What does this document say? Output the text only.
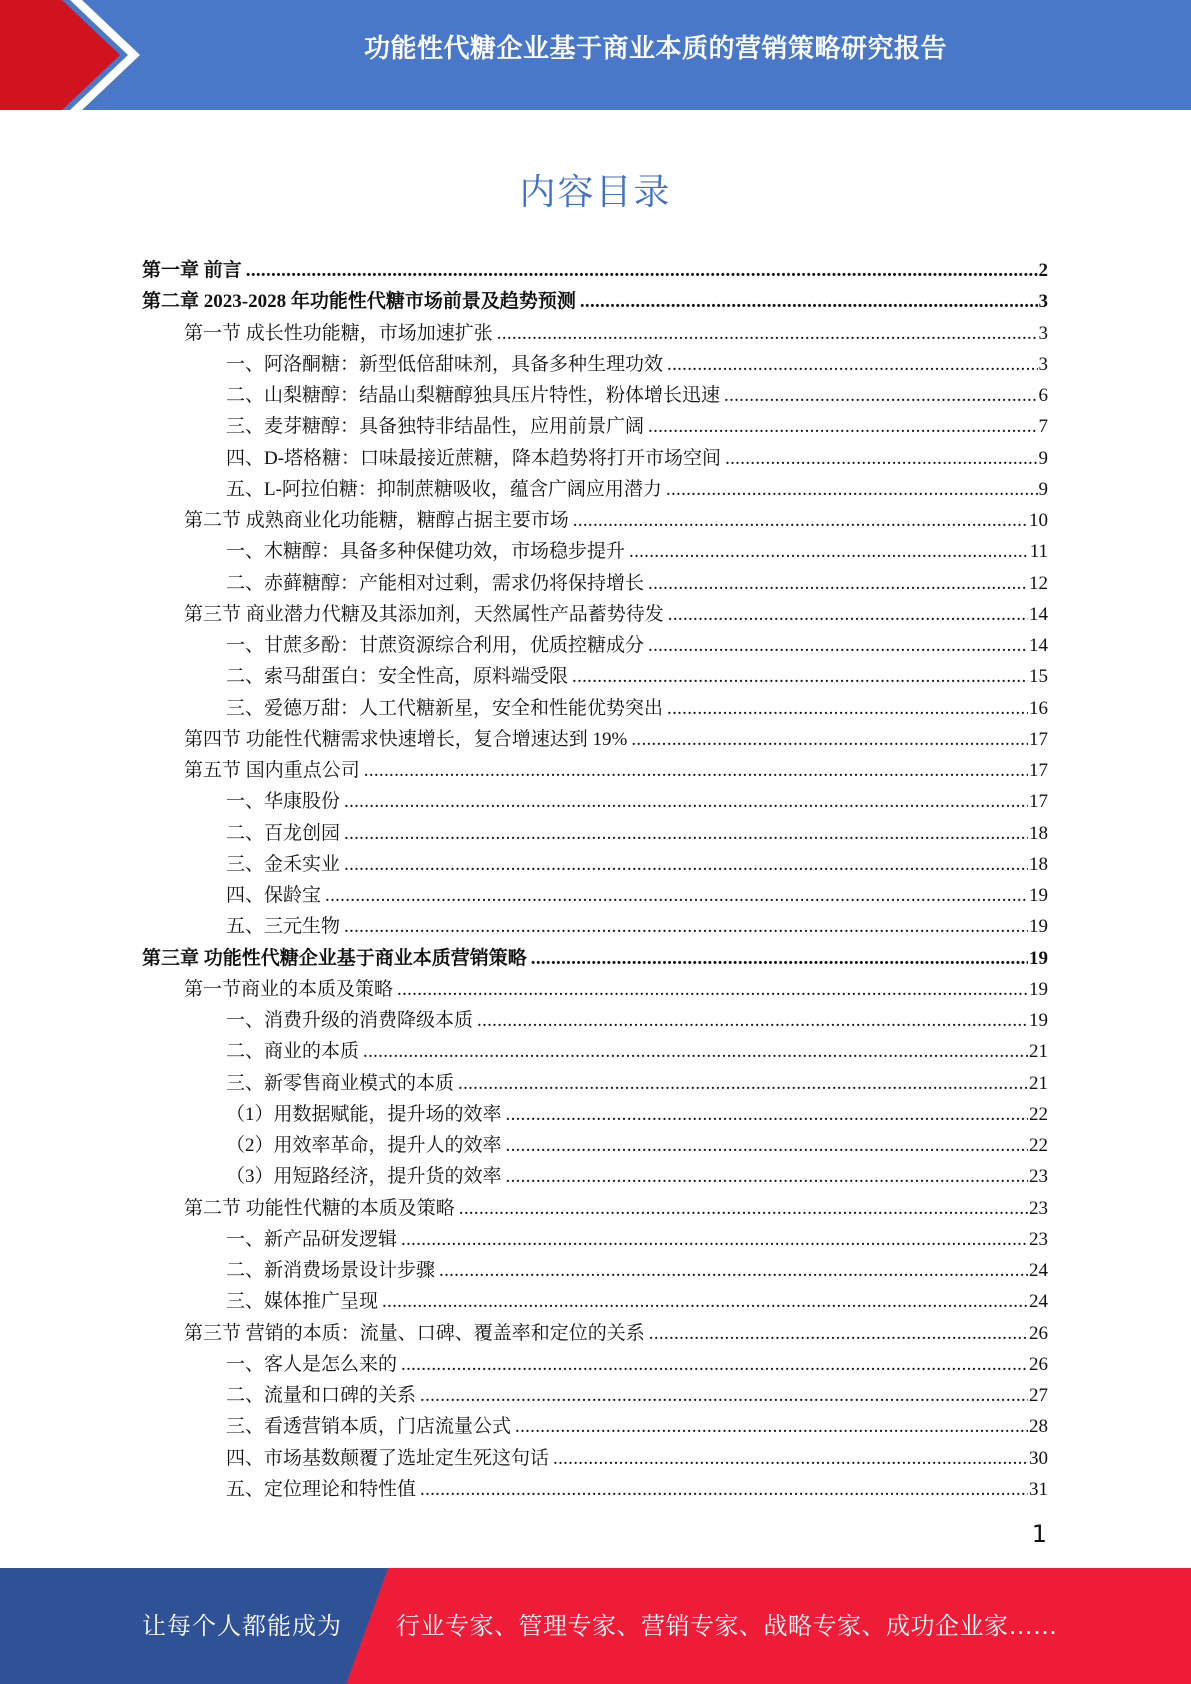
功能性代糖企业基于商业本质的营销策略研究报告
内容目录
第一章 前言 .....	2
第二章 2023-2028 年功能性代糖市场前景及趋势预测 .....	3
第一节 成长性功能糖，市场加速扩张 .....	3
一、阿洛酮糖：新型低倍甜味剂，具备多种生理功效 .....	3
二、山梨糖醇：结晶山梨糖醇独具压片特性，粉体增长迅速 .....	6
三、麦芽糖醇：具备独特非结晶性，应用前景广阔 .....	7
四、D-塔格糖：口味最接近蔗糖，降本趋势将打开市场空间 .....	9
五、L-阿拉伯糖：抑制蔗糖吸收，蕴含广阔应用潜力 .....	9
第二节 成熟商业化功能糖，糖醇占据主要市场 .....	10
一、木糖醇：具备多种保健功效，市场稳步提升 .....	11
二、赤藓糖醇：产能相对过剩，需求仍将保持增长 .....	12
第三节 商业潜力代糖及其添加剂，天然属性产品蓄势待发 .....	14
一、甘蔗多酚：甘蔗资源综合利用，优质控糖成分 .....	14
二、索马甜蛋白：安全性高，原料端受限 .....	15
三、爱德万甜：人工代糖新星，安全和性能优势突出 .....	16
第四节 功能性代糖需求快速增长，复合增速达到 19% .....	17
第五节 国内重点公司 .....	17
一、华康股份 .....	17
二、百龙创园 .....	18
三、金禾实业 .....	18
四、保龄宝 .....	19
五、三元生物 .....	19
第三章 功能性代糖企业基于商业本质营销策略 .....	19
第一节商业的本质及策略 .....	19
一、消费升级的消费降级本质 .....	19
二、商业的本质 .....	21
三、新零售商业模式的本质 .....	21
（1）用数据赋能，提升场的效率 .....	22
（2）用效率革命，提升人的效率 .....	22
（3）用短路经济，提升货的效率 .....	23
第二节 功能性代糖的本质及策略 .....	23
一、新产品研发逻辑 .....	23
二、新消费场景设计步骤 .....	24
三、媒体推广呈现 .....	24
第三节 营销的本质：流量、口碑、覆盖率和定位的关系 .....	26
一、客人是怎么来的 .....	26
二、流量和口碑的关系 .....	27
三、看透营销本质，门店流量公式 .....	28
四、市场基数颠覆了选址定生死这句话 .....	30
五、定位理论和特性值 .....	31
1
让每个人都能成为 行业专家、管理专家、营销专家、战略专家、成功企业家……
